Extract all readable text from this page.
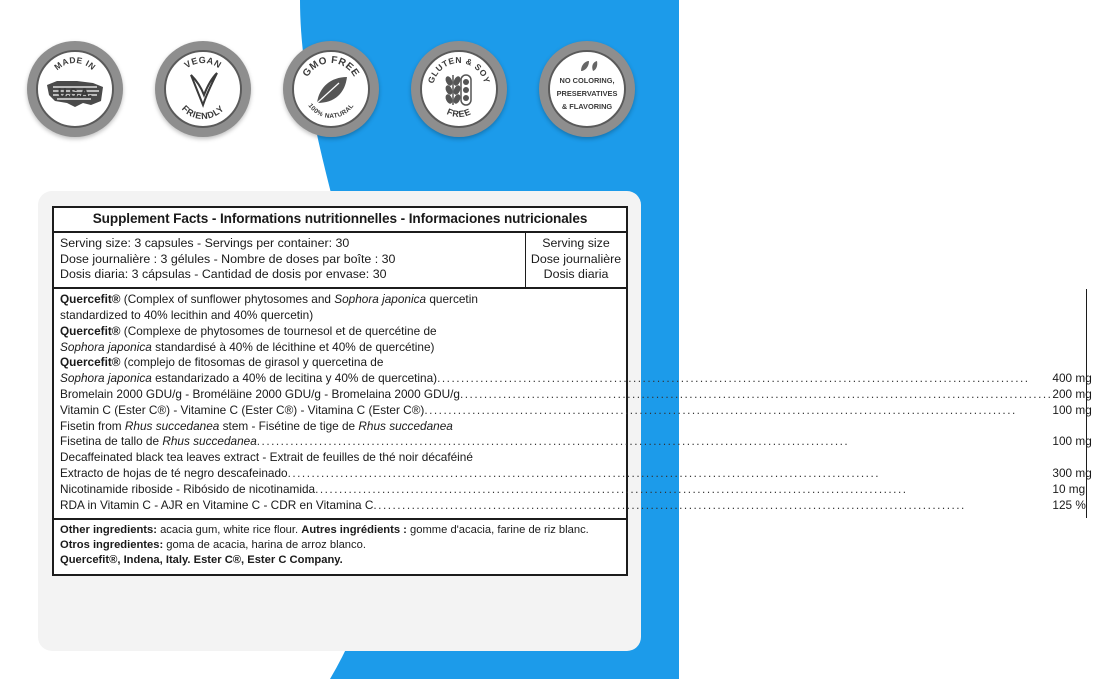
MADE IN
U.S.A.
VEGAN
FRIENDLY
GMO FREE
100% NATURAL
GLUTEN & SOY
FREE
NO COLORING,
PRESERVATIVES
& FLAVORING
Supplement Facts - Informations nutritionnelles - Informaciones nutricionales
Serving size: 3 capsules - Servings per container: 30
Dose journalière : 3 gélules - Nombre de doses par boîte : 30
Dosis diaria: 3 cápsulas - Cantidad de dosis por envase: 30
Serving size
Dose journalière
Dosis diaria
Quercefit® (Complex of sunflower phytosomes and Sophora japonica quercetin
standardized to 40% lecithin and 40% quercetin)
Quercefit® (Complexe de phytosomes de tournesol et de quercétine de
Sophora japonica standardisé à 40% de lécithine et 40% de quercétine)
Quercefit® (complejo de fitosomas de girasol y quercetina de
Sophora japonica estandarizado a 40% de lecitina y 40% de quercetina) .....	400 mg
Bromelain 2000 GDU/g - Broméläine 2000 GDU/g - Bromelaina 2000 GDU/g .....	200 mg
Vitamin C (Ester C®) - Vitamine C (Ester C®) - Vitamina C (Ester C®) .....	100 mg
Fisetin from Rhus succedanea stem - Fisétine de tige de Rhus succedanea
Fisetina de tallo de Rhus succedanea .....	100 mg
Decaffeinated black tea leaves extract - Extrait de feuilles de thé noir décaféiné
Extracto de hojas de té negro descafeinado .....	300 mg
Nicotinamide riboside - Ribósido de nicotinamida .....	10 mg
RDA in Vitamin C - AJR en Vitamine C - CDR en Vitamina C .....	125 %
Other ingredients: acacia gum, white rice flour. Autres ingrédients : gomme d'acacia, farine de riz blanc. Otros ingredientes: goma de acacia, harina de arroz blanco.
Quercefit®, Indena, Italy. Ester C®, Ester C Company.
